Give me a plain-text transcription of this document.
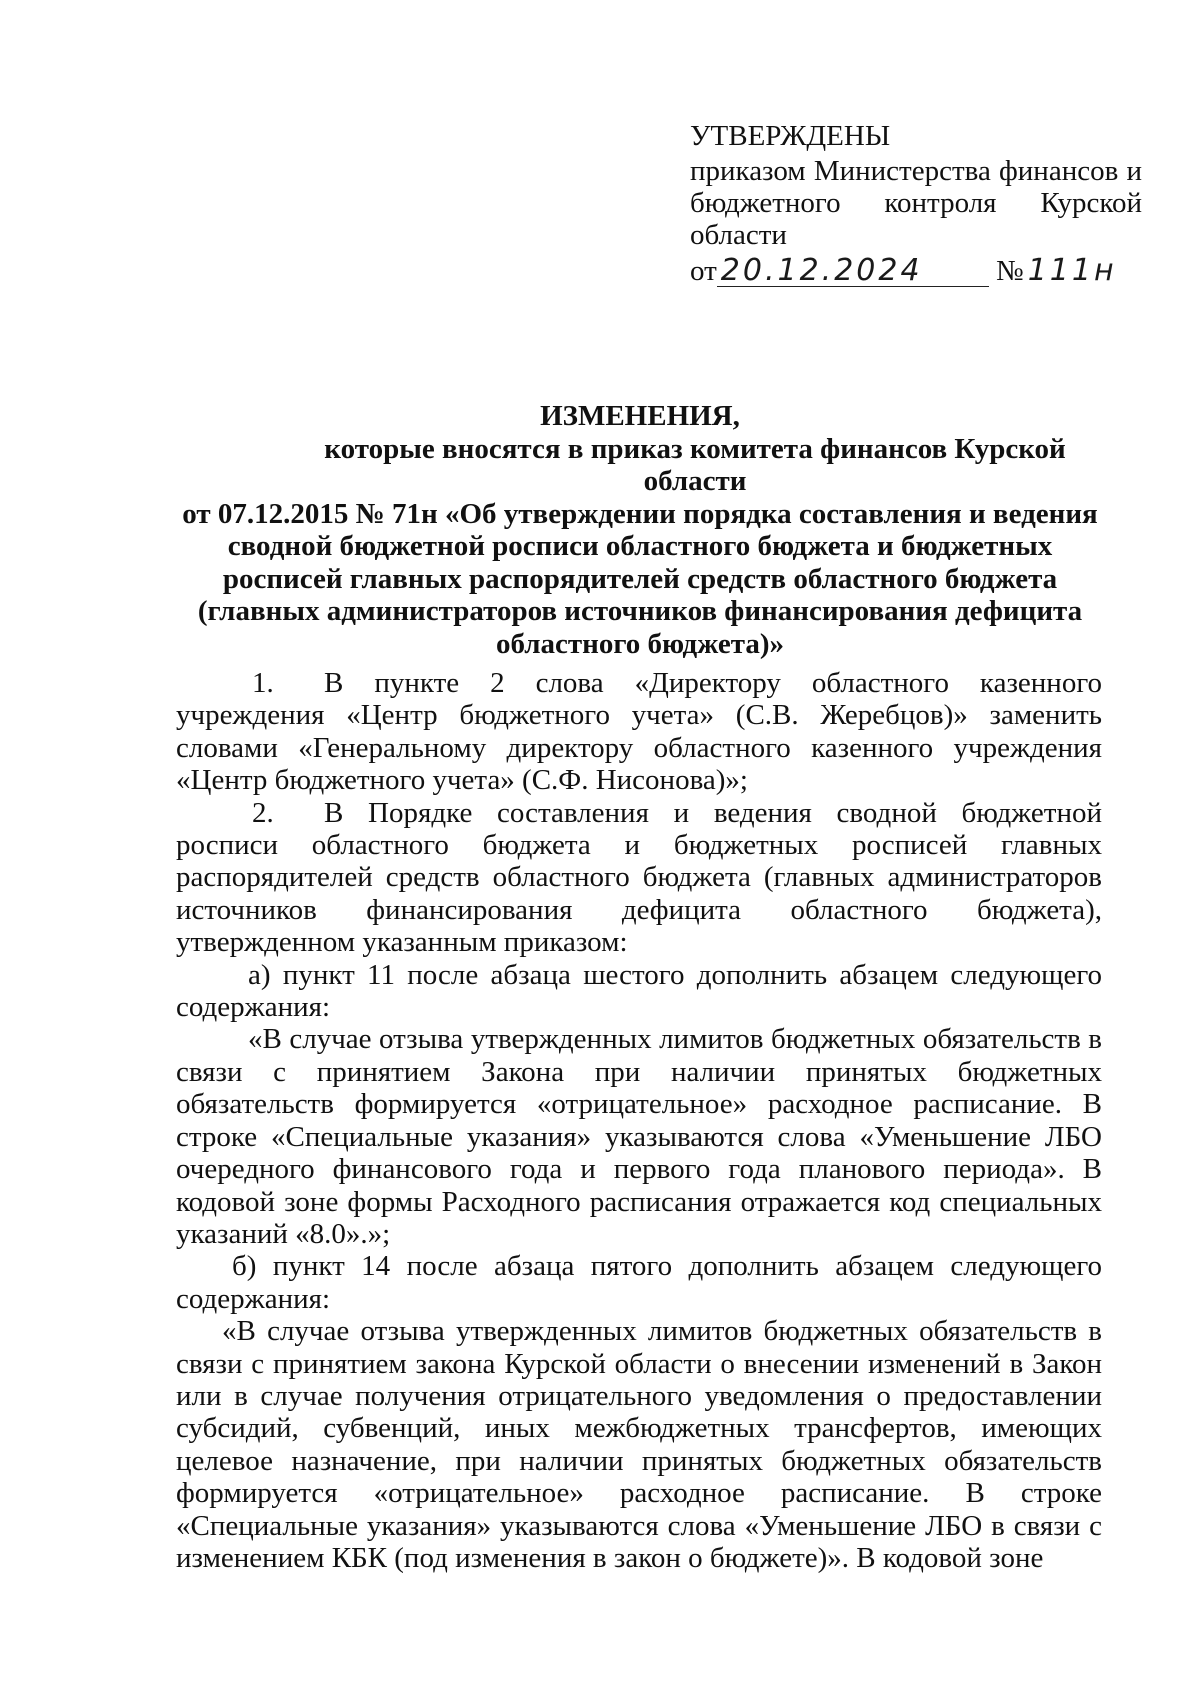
УТВЕРЖДЕНЫ
приказом Министерства финансов и бюджетного контроля Курской области
от 20.12.2024	№ 111н
ИЗМЕНЕНИЯ,
которые вносятся в приказ комитета финансов Курской области
от 07.12.2015 № 71н «Об утверждении порядка составления и ведения сводной бюджетной росписи областного бюджета и бюджетных росписей главных распорядителей средств областного бюджета (главных администраторов источников финансирования дефицита областного бюджета)»

1. В пункте 2 слова «Директору областного казенного учреждения «Центр бюджетного учета» (С.В. Жеребцов)» заменить словами «Генеральному директору областного казенного учреждения «Центр бюджетного учета» (С.Ф. Нисонова)»;

2. В Порядке составления и ведения сводной бюджетной росписи областного бюджета и бюджетных росписей главных распорядителей средств областного бюджета (главных администраторов источников финансирования дефицита областного бюджета), утвержденном указанным приказом:

а) пункт 11 после абзаца шестого дополнить абзацем следующего содержания:

«В случае отзыва утвержденных лимитов бюджетных обязательств в связи с принятием Закона при наличии принятых бюджетных обязательств формируется «отрицательное» расходное расписание. В строке «Специальные указания» указываются слова «Уменьшение ЛБО очередного финансового года и первого года планового периода». В кодовой зоне формы Расходного расписания отражается код специальных указаний «8.0».»;

б) пункт 14 после абзаца пятого дополнить абзацем следующего содержания:

«В случае отзыва утвержденных лимитов бюджетных обязательств в связи с принятием закона Курской области о внесении изменений в Закон или в случае получения отрицательного уведомления о предоставлении субсидий, субвенций, иных межбюджетных трансфертов, имеющих целевое назначение, при наличии принятых бюджетных обязательств формируется «отрицательное» расходное расписание. В строке «Специальные указания» указываются слова «Уменьшение ЛБО в связи с изменением КБК (под изменения в закон о бюджете)». В кодовой зоне
